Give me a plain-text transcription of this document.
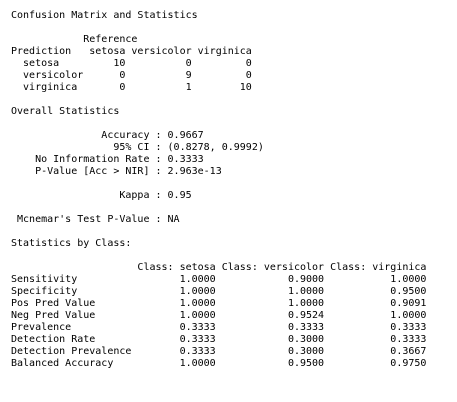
Confusion Matrix and Statistics
Reference
Prediction   setosa versicolor virginica
setosa         10          0         0
versicolor      0          9         0
virginica       0          1        10
Overall Statistics
Accuracy : 0.9667
95% CI : (0.8278, 0.9992)
No Information Rate : 0.3333
P-Value [Acc > NIR] : 2.963e-13
Kappa : 0.95
Mcnemar's Test P-Value : NA
Statistics by Class:
Class: setosa Class: versicolor Class: virginica
Sensitivity                 1.0000            0.9000           1.0000
Specificity                 1.0000            1.0000           0.9500
Pos Pred Value              1.0000            1.0000           0.9091
Neg Pred Value              1.0000            0.9524           1.0000
Prevalence                  0.3333            0.3333           0.3333
Detection Rate              0.3333            0.3000           0.3333
Detection Prevalence        0.3333            0.3000           0.3667
Balanced Accuracy           1.0000            0.9500           0.9750
